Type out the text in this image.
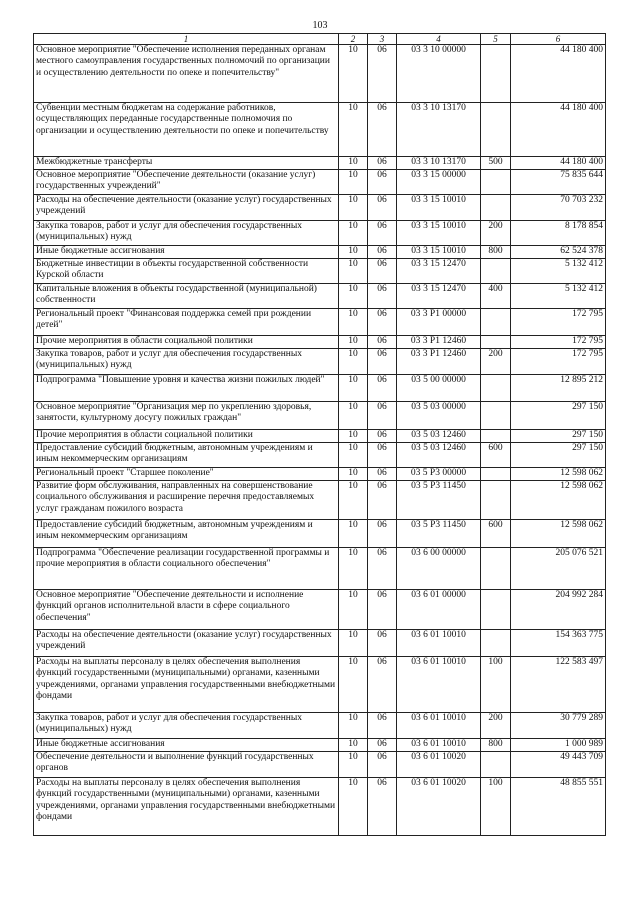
103
1	2	3	4	5	6
Основное мероприятие "Обеспечение исполнения переданных органам местного самоуправления государственных полномочий по организации и осуществлению деятельности по опеке и попечительству"	10	06	03 3 10 00000		44 180 400
Субвенции местным бюджетам на содержание работников, осуществляющих переданные государственные полномочия по организации и осуществлению деятельности по опеке и попечительству	10	06	03 3 10 13170		44 180 400
Межбюджетные трансферты	10	06	03 3 10 13170	500	44 180 400
Основное мероприятие "Обеспечение деятельности (оказание услуг) государственных учреждений"	10	06	03 3 15 00000		75 835 644
Расходы на обеспечение деятельности (оказание услуг) государственных учреждений	10	06	03 3 15 10010		70 703 232
Закупка товаров, работ и услуг для обеспечения государственных (муниципальных) нужд	10	06	03 3 15 10010	200	8 178 854
Иные бюджетные ассигнования	10	06	03 3 15 10010	800	62 524 378
Бюджетные инвестиции в объекты государственной собственности Курской области	10	06	03 3 15 12470		5 132 412
Капитальные вложения в объекты государственной (муниципальной) собственности	10	06	03 3 15 12470	400	5 132 412
Региональный проект "Финансовая поддержка семей при рождении детей"	10	06	03 3 P1 00000		172 795
Прочие мероприятия в области социальной политики	10	06	03 3 P1 12460		172 795
Закупка товаров, работ и услуг для обеспечения государственных (муниципальных) нужд	10	06	03 3 P1 12460	200	172 795
Подпрограмма "Повышение уровня и качества жизни пожилых людей"	10	06	03 5 00 00000		12 895 212
Основное мероприятие "Организация мер по укреплению здоровья, занятости, культурному досугу пожилых граждан"	10	06	03 5 03 00000		297 150
Прочие мероприятия в области социальной политики	10	06	03 5 03 12460		297 150
Предоставление субсидий бюджетным, автономным учреждениям и иным некоммерческим организациям	10	06	03 5 03 12460	600	297 150
Региональный проект "Старшее поколение"	10	06	03 5 P3 00000		12 598 062
Развитие форм обслуживания, направленных на совершенствование социального обслуживания и расширение перечня предоставляемых услуг гражданам пожилого возраста	10	06	03 5 P3 11450		12 598 062
Предоставление субсидий бюджетным, автономным учреждениям и иным некоммерческим организациям	10	06	03 5 P3 11450	600	12 598 062
Подпрограмма "Обеспечение реализации государственной программы и прочие мероприятия в области социального обеспечения"	10	06	03 6 00 00000		205 076 521
Основное мероприятие "Обеспечение деятельности и исполнение функций органов исполнительной власти в сфере социального обеспечения"	10	06	03 6 01 00000		204 992 284
Расходы на обеспечение деятельности (оказание услуг) государственных учреждений	10	06	03 6 01 10010		154 363 775
Расходы на выплаты персоналу в целях обеспечения выполнения функций государственными (муниципальными) органами, казенными учреждениями, органами управления государственными внебюджетными фондами	10	06	03 6 01 10010	100	122 583 497
Закупка товаров, работ и услуг для обеспечения государственных (муниципальных) нужд	10	06	03 6 01 10010	200	30 779 289
Иные бюджетные ассигнования	10	06	03 6 01 10010	800	1 000 989
Обеспечение деятельности и выполнение функций государственных органов	10	06	03 6 01 10020		49 443 709
Расходы на выплаты персоналу в целях обеспечения выполнения функций государственными (муниципальными) органами, казенными учреждениями, органами управления государственными внебюджетными фондами	10	06	03 6 01 10020	100	48 855 551
